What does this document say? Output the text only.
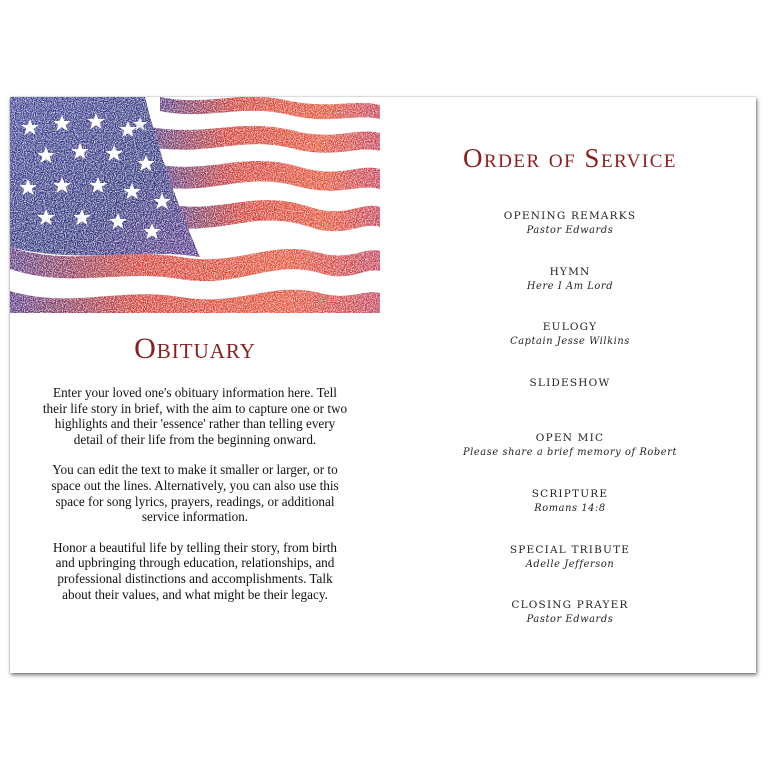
Obituary

Enter your loved one's obituary information here. Tell their life story in brief, with the aim to capture one or two highlights and their 'essence' rather than telling every detail of their life from the beginning onward.

You can edit the text to make it smaller or larger, or to space out the lines. Alternatively, you can also use this space for song lyrics, prayers, readings, or additional service information.

Honor a beautiful life by telling their story, from birth and upbringing through education, relationships, and professional distinctions and accomplishments. Talk about their values, and what might be their legacy.

Order of Service
OPENING REMARKS
Pastor Edwards
HYMN
Here I Am Lord
EULOGY
Captain Jesse Wilkins
SLIDESHOW
OPEN MIC
Please share a brief memory of Robert
SCRIPTURE
Romans 14:8
SPECIAL TRIBUTE
Adelle Jefferson
CLOSING PRAYER
Pastor Edwards
